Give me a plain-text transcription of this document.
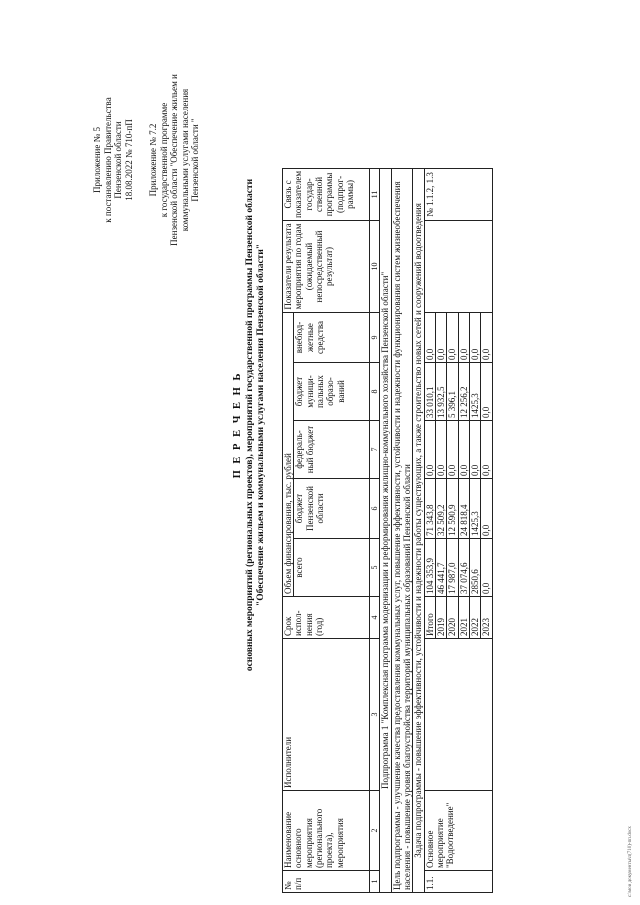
Приложение № 5 к постановлению Правительства Пензенской области 18.08.2022 № 710-пП Приложение № 7.2 к государственной программе Пензенской области "Обеспечение жильем и коммунальными услугами населения Пензенской области "
П Е Р Е Ч Е Н Ь основных мероприятий (региональных проектов), мероприятий государственной программы Пензенской области "Обеспечение жильем и коммунальными услугами населения Пензенской области"
№ п/п	Наименование основного мероприятия (регионального проекта), мероприятия	Исполнители	Срок испол- нения (год)	Объем финансирования, тыс. рублей					Показатели результата мероприятия по годам (ожидаемый непосредственный результат)	Связь с показателем государ- ственной программы (подпрог- раммы)
				всего	бюджет Пензенской области	федераль- ный бюджет	бюджет муници- пальных образо- ваний	внебюд- жетные средства		
1	2	3	4	5	6	7	8	9	10	11
Подпрограмма 1 "Комплексная программа модернизации и реформирования жилищно-коммунального хозяйства Пензенской области"										
Цель подпрограммы - улучшение качества предоставления коммунальных услуг, повышение эффективности, устойчивости и надежности функционирования систем жизнеобеспечения населения - повышение уровня благоустройства территорий муниципальных образований Пензенской области										
Задача подпрограммы - повышение эффективности, устойчивости и надежности работы существующих, а также строительство новых сетей и сооружений водоотведения										
1.1.	Основное мероприятие "Водоотведение"		Итого	104 353,9	71 343,8	0,0	33 010,1	0,0		№ 1.1.2, 1.3
			2019	46 441,7	32 509,2	0,0	13 932,5	0,0		
			2020	17 987,0	12 590,9	0,0	5 396,1	0,0		
			2021	37 074,6	24 818,4	0,0	12 256,2	0,0		
			2022	2850,6	1425,3	0,0	1425,3	0,0		
			2023	0,0	0,0	0,0	0,0	0,0		
c:\мои документы\п(710)-пп.docx
